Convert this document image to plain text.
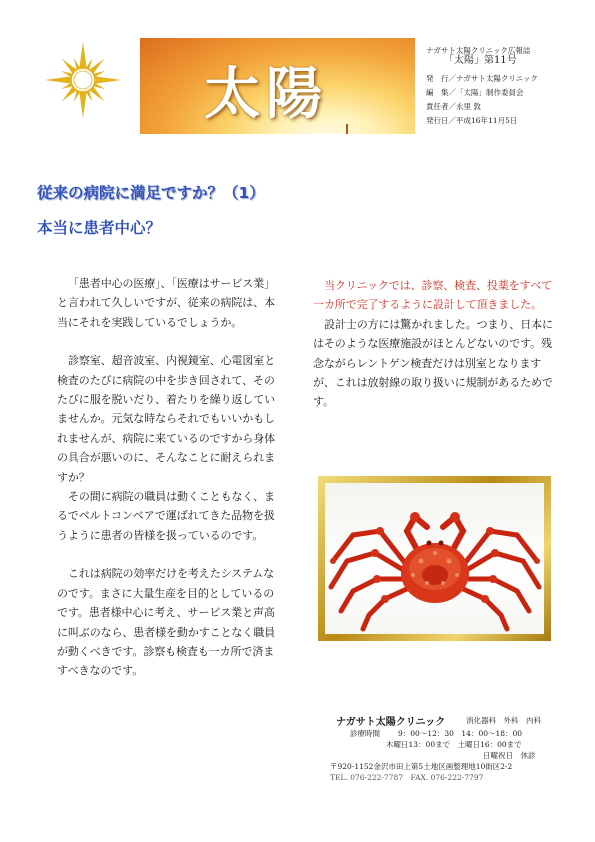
太陽
ナガサト太陽クリニック広報誌
「太陽」第11号
発　行／ナガサト太陽クリニック
編　集／「太陽」制作委員会
責任者／永里 敦
発行日／平成16年11月5日
従来の病院に満足ですか？（1）
本当に患者中心？

「患者中心の医療」、「医療はサービス業」と言われて久しいですが、従来の病院は、本当にそれを実践しているでしょうか。

診察室、超音波室、内視鏡室、心電図室と検査のたびに病院の中を歩き回されて、そのたびに服を脱いだり、着たりを繰り返していませんか。元気な時ならそれでもいいかもしれませんが、病院に来ているのですから身体の具合が悪いのに、そんなことに耐えられますか？

その間に病院の職員は動くこともなく、まるでベルトコンベアで運ばれてきた品物を扱うように患者の皆様を扱っているのです。

これは病院の効率だけを考えたシステムなのです。まさに大量生産を目的としているのです。患者様中心に考え、サービス業と声高に叫ぶのなら、患者様を動かすことなく職員が動くべきです。診察も検査も一カ所で済ますべきなのです。

当クリニックでは、診察、検査、投薬をすべて一カ所で完了するように設計して頂きました。

設計士の方には驚かれました。つまり、日本にはそのような医療施設がほとんどないのです。残念ながらレントゲン検査だけは別室となりますが、これは放射線の取り扱いに規制があるためです。

ナガサト太陽クリニック	消化器科　外科　内科
診療時間 9：00～12：30　14：00～18：00
木曜日13：00まで　土曜日16：00まで
日曜祝日　休診
〒920-1152金沢市田上第5土地区画整理地10街区2-2
TEL. 076-222-7787　FAX. 076-222-7797
